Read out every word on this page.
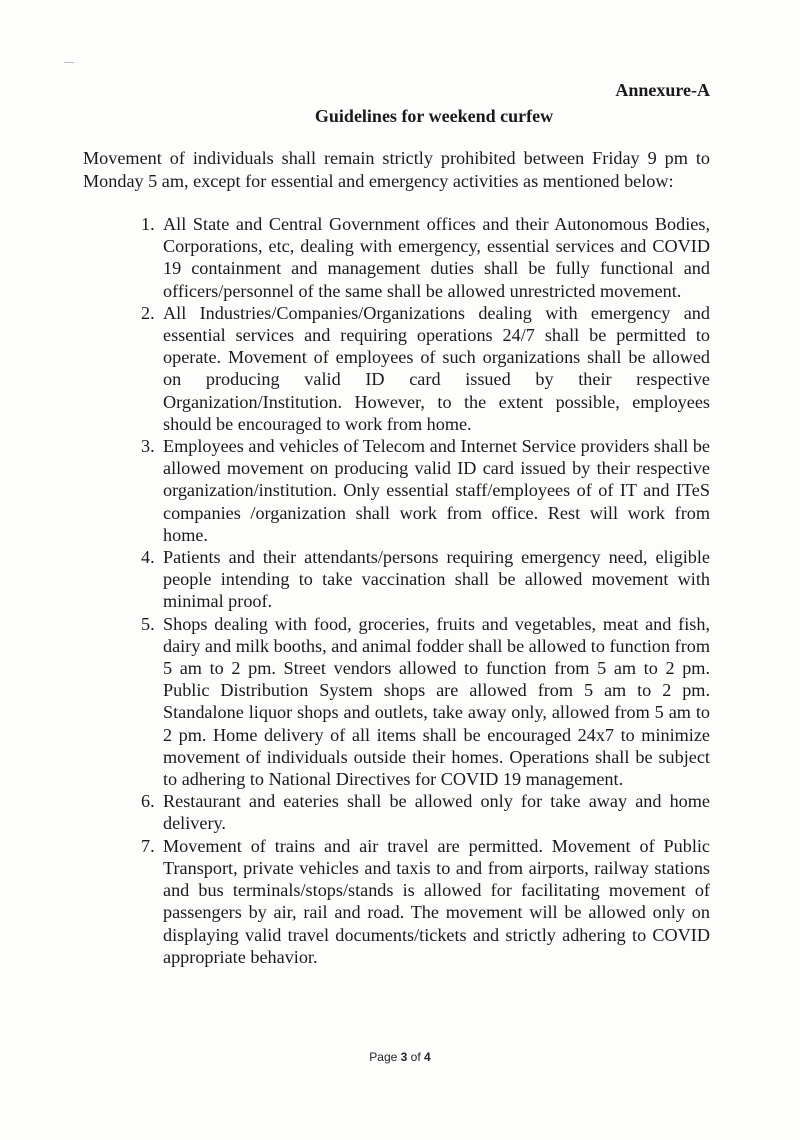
Annexure-A
Guidelines for weekend curfew

Movement of individuals shall remain strictly prohibited between Friday 9 pm to Monday 5 am, except for essential and emergency activities as mentioned below:

1. All State and Central Government offices and their Autonomous Bodies, Corporations, etc, dealing with emergency, essential services and COVID 19 containment and management duties shall be fully functional and officers/personnel of the same shall be allowed unrestricted movement.
2. All Industries/Companies/Organizations dealing with emergency and essential services and requiring operations 24/7 shall be permitted to operate. Movement of employees of such organizations shall be allowed on producing valid ID card issued by their respective Organization/Institution. However, to the extent possible, employees should be encouraged to work from home.
3. Employees and vehicles of Telecom and Internet Service providers shall be allowed movement on producing valid ID card issued by their respective organization/institution. Only essential staff/employees of of IT and ITeS companies /organization shall work from office. Rest will work from home.
4. Patients and their attendants/persons requiring emergency need, eligible people intending to take vaccination shall be allowed movement with minimal proof.
5. Shops dealing with food, groceries, fruits and vegetables, meat and fish, dairy and milk booths, and animal fodder shall be allowed to function from 5 am to 2 pm. Street vendors allowed to function from 5 am to 2 pm. Public Distribution System shops are allowed from 5 am to 2 pm. Standalone liquor shops and outlets, take away only, allowed from 5 am to 2 pm. Home delivery of all items shall be encouraged 24x7 to minimize movement of individuals outside their homes. Operations shall be subject to adhering to National Directives for COVID 19 management.
6. Restaurant and eateries shall be allowed only for take away and home delivery.
7. Movement of trains and air travel are permitted. Movement of Public Transport, private vehicles and taxis to and from airports, railway stations and bus terminals/stops/stands is allowed for facilitating movement of passengers by air, rail and road. The movement will be allowed only on displaying valid travel documents/tickets and strictly adhering to COVID appropriate behavior.
Page 3 of 4
